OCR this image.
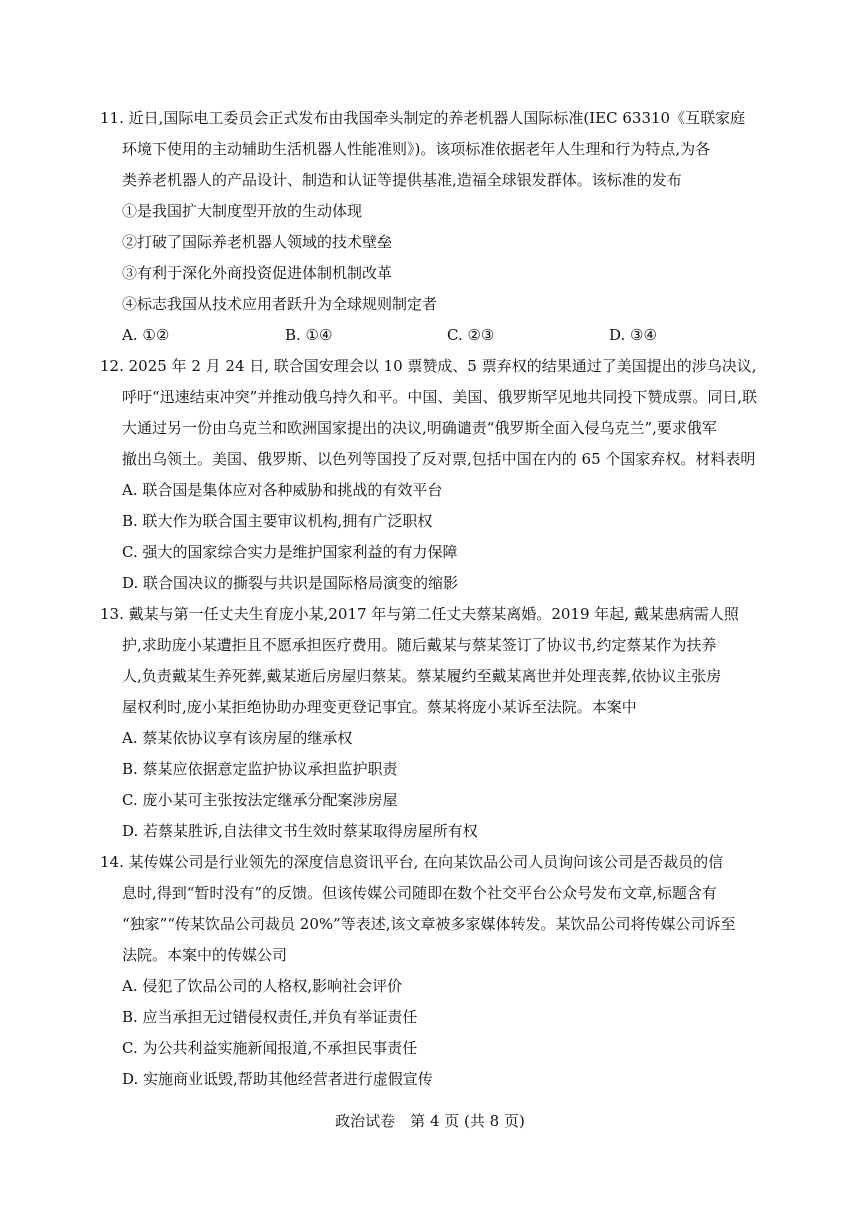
11. 近日,国际电工委员会正式发布由我国牵头制定的养老机器人国际标准(IEC 63310《互联家庭
环境下使用的主动辅助生活机器人性能准则》)。该项标准依据老年人生理和行为特点,为各
类养老机器人的产品设计、制造和认证等提供基准,造福全球银发群体。该标准的发布
①是我国扩大制度型开放的生动体现
②打破了国际养老机器人领域的技术壁垒
③有利于深化外商投资促进体制机制改革
④标志我国从技术应用者跃升为全球规则制定者
A. ①②	B. ①④	C. ②③	D. ③④
12. 2025 年 2 月 24 日, 联合国安理会以 10 票赞成、5 票弃权的结果通过了美国提出的涉乌决议,
呼吁“迅速结束冲突”并推动俄乌持久和平。中国、美国、俄罗斯罕见地共同投下赞成票。同日,联
大通过另一份由乌克兰和欧洲国家提出的决议,明确谴责“俄罗斯全面入侵乌克兰”,要求俄军
撤出乌领土。美国、俄罗斯、以色列等国投了反对票,包括中国在内的 65 个国家弃权。材料表明
A. 联合国是集体应对各种威胁和挑战的有效平台
B. 联大作为联合国主要审议机构,拥有广泛职权
C. 强大的国家综合实力是维护国家利益的有力保障
D. 联合国决议的撕裂与共识是国际格局演变的缩影
13. 戴某与第一任丈夫生育庞小某,2017 年与第二任丈夫蔡某离婚。2019 年起, 戴某患病需人照
护,求助庞小某遭拒且不愿承担医疗费用。随后戴某与蔡某签订了协议书,约定蔡某作为扶养
人,负责戴某生养死葬,戴某逝后房屋归蔡某。蔡某履约至戴某离世并处理丧葬,依协议主张房
屋权利时,庞小某拒绝协助办理变更登记事宜。蔡某将庞小某诉至法院。本案中
A. 蔡某依协议享有该房屋的继承权
B. 蔡某应依据意定监护协议承担监护职责
C. 庞小某可主张按法定继承分配案涉房屋
D. 若蔡某胜诉,自法律文书生效时蔡某取得房屋所有权
14. 某传媒公司是行业领先的深度信息资讯平台, 在向某饮品公司人员询问该公司是否裁员的信
息时,得到“暂时没有”的反馈。但该传媒公司随即在数个社交平台公众号发布文章,标题含有
“独家”“传某饮品公司裁员 20%”等表述,该文章被多家媒体转发。某饮品公司将传媒公司诉至
法院。本案中的传媒公司
A. 侵犯了饮品公司的人格权,影响社会评价
B. 应当承担无过错侵权责任,并负有举证责任
C. 为公共利益实施新闻报道,不承担民事责任
D. 实施商业诋毁,帮助其他经营者进行虚假宣传
政治试卷　第 4 页 (共 8 页)
